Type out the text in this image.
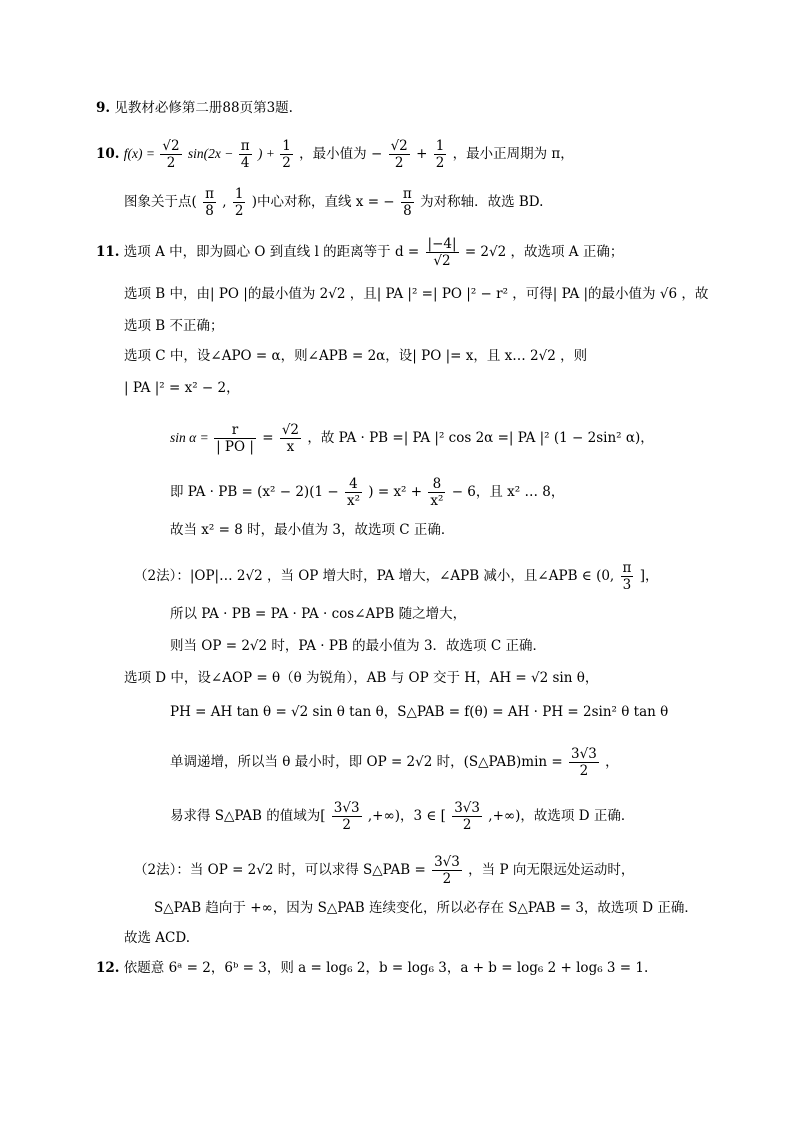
9. 见教材必修第二册88页第3题.
10. $f(x) = \frac{√2}{2} \sin(2x - \frac{\pi}{4}$ ) + $\frac{1}{2}$ ，最小值为 − $\frac{√2}{2} + \frac{1}{2}$ ，最小正周期为 π，
图象关于点( $\frac{\pi}{8}$ , $\frac{1}{2}$ )中心对称，直线 x = − $\frac{\pi}{8}$ 为对称轴．故选 BD.
11. 选项 A 中，即为圆心 O 到直线 l 的距离等于 $d = \frac{|-4|}{√2} = 2√2$ ，故选项 A 正确；
选项 B 中，由| PO |的最小值为 2√2 ，且| PA |² =| PO |² − r² ，可得| PA |的最小值为 √6 ，故
选项 B 不正确；
选项 C 中，设∠APO = α，则∠APB = 2α，设| PO |= x，且 x… 2√2 ，则
| PA |² = x² − 2，
$\sin \alpha = \frac{r}{| PO |} = \frac{√2}{x}$ ，故 PA · PB =| PA |² cos 2α =| PA |² (1 − 2sin² α)，
即 PA · PB = $(x^2 - 2)(1 - \frac{4}{\text{x²}}$ ) = $x^2 + \frac{8}{\text{x²}} - 6$，且 x² … 8，
故当 x² = 8 时，最小值为 3，故选项 C 正确．
（2法）：|OP|… 2√2 ，当 OP 增大时，PA 增大，∠APB 减小，且∠APB ∈ (0, $\frac{\pi}{3}$ ]，
所以 PA · PB = PA · PA · cos∠APB 随之增大，
则当 OP = 2√2 时，PA · PB 的最小值为 3．故选项 C 正确．
选项 D 中，设∠AOP = θ（θ 为锐角），AB 与 OP 交于 H，AH = √2 sin θ，
PH = AH tan θ = √2 sin θ tan θ，S△PAB = f(θ) = AH · PH = 2sin² θ tan θ
单调递增，所以当 θ 最小时，即 OP = 2√2 时，(S△PAB)min = $\frac{3√3}{2}$ ，
易求得 S△PAB 的值域为[ $\frac{3√3}{2}$ ,+∞)，3 ∈ [ $\frac{3√3}{2}$ ,+∞)，故选项 D 正确．
（2法）：当 OP = 2√2 时，可以求得 S△PAB = $\frac{3√3}{2}$ ，当 P 向无限远处运动时，
S△PAB 趋向于 +∞，因为 S△PAB 连续变化，所以必存在 S△PAB = 3，故选项 D 正确．
故选 ACD.
12. 依题意 6ᵃ = 2，6ᵇ = 3，则 a = log₆ 2，b = log₆ 3，a + b = log₆ 2 + log₆ 3 = 1.
